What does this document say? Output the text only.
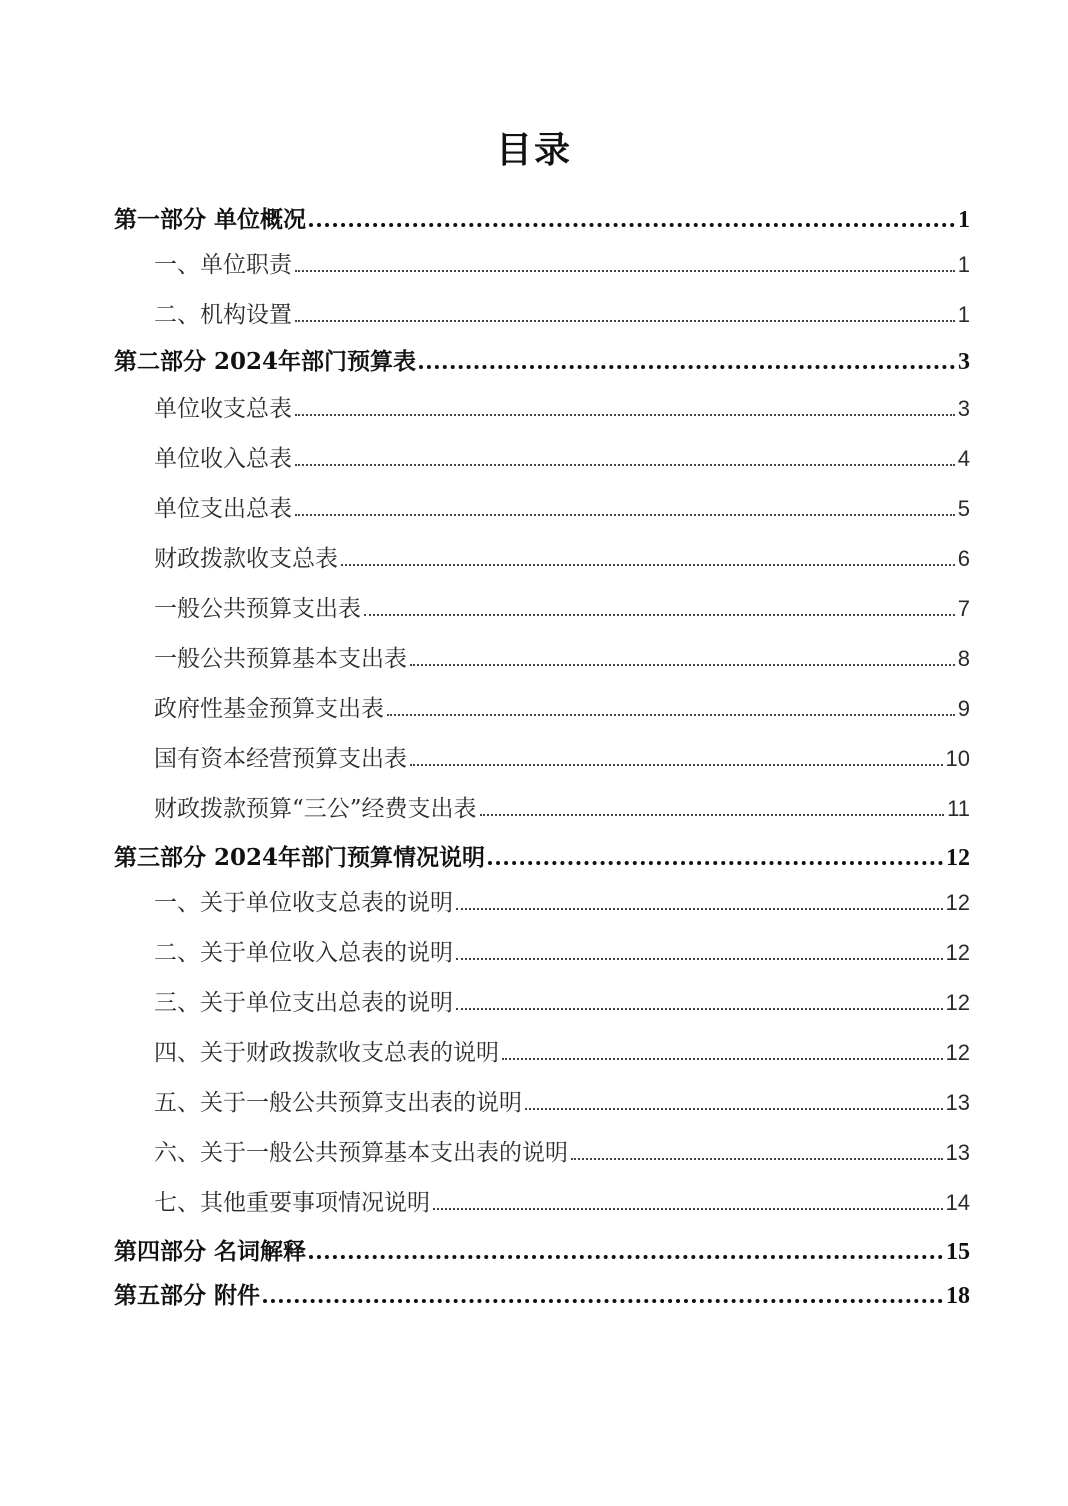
目录
第一部分 单位概况	1
一、单位职责	1
二、机构设置	1
第二部分 2024年部门预算表	3
单位收支总表	3
单位收入总表	4
单位支出总表	5
财政拨款收支总表	6
一般公共预算支出表	7
一般公共预算基本支出表	8
政府性基金预算支出表	9
国有资本经营预算支出表	10
财政拨款预算“三公”经费支出表	11
第三部分 2024年部门预算情况说明	12
一、关于单位收支总表的说明	12
二、关于单位收入总表的说明	12
三、关于单位支出总表的说明	12
四、关于财政拨款收支总表的说明	12
五、关于一般公共预算支出表的说明	13
六、关于一般公共预算基本支出表的说明	13
七、其他重要事项情况说明	14
第四部分 名词解释	15
第五部分 附件	18
